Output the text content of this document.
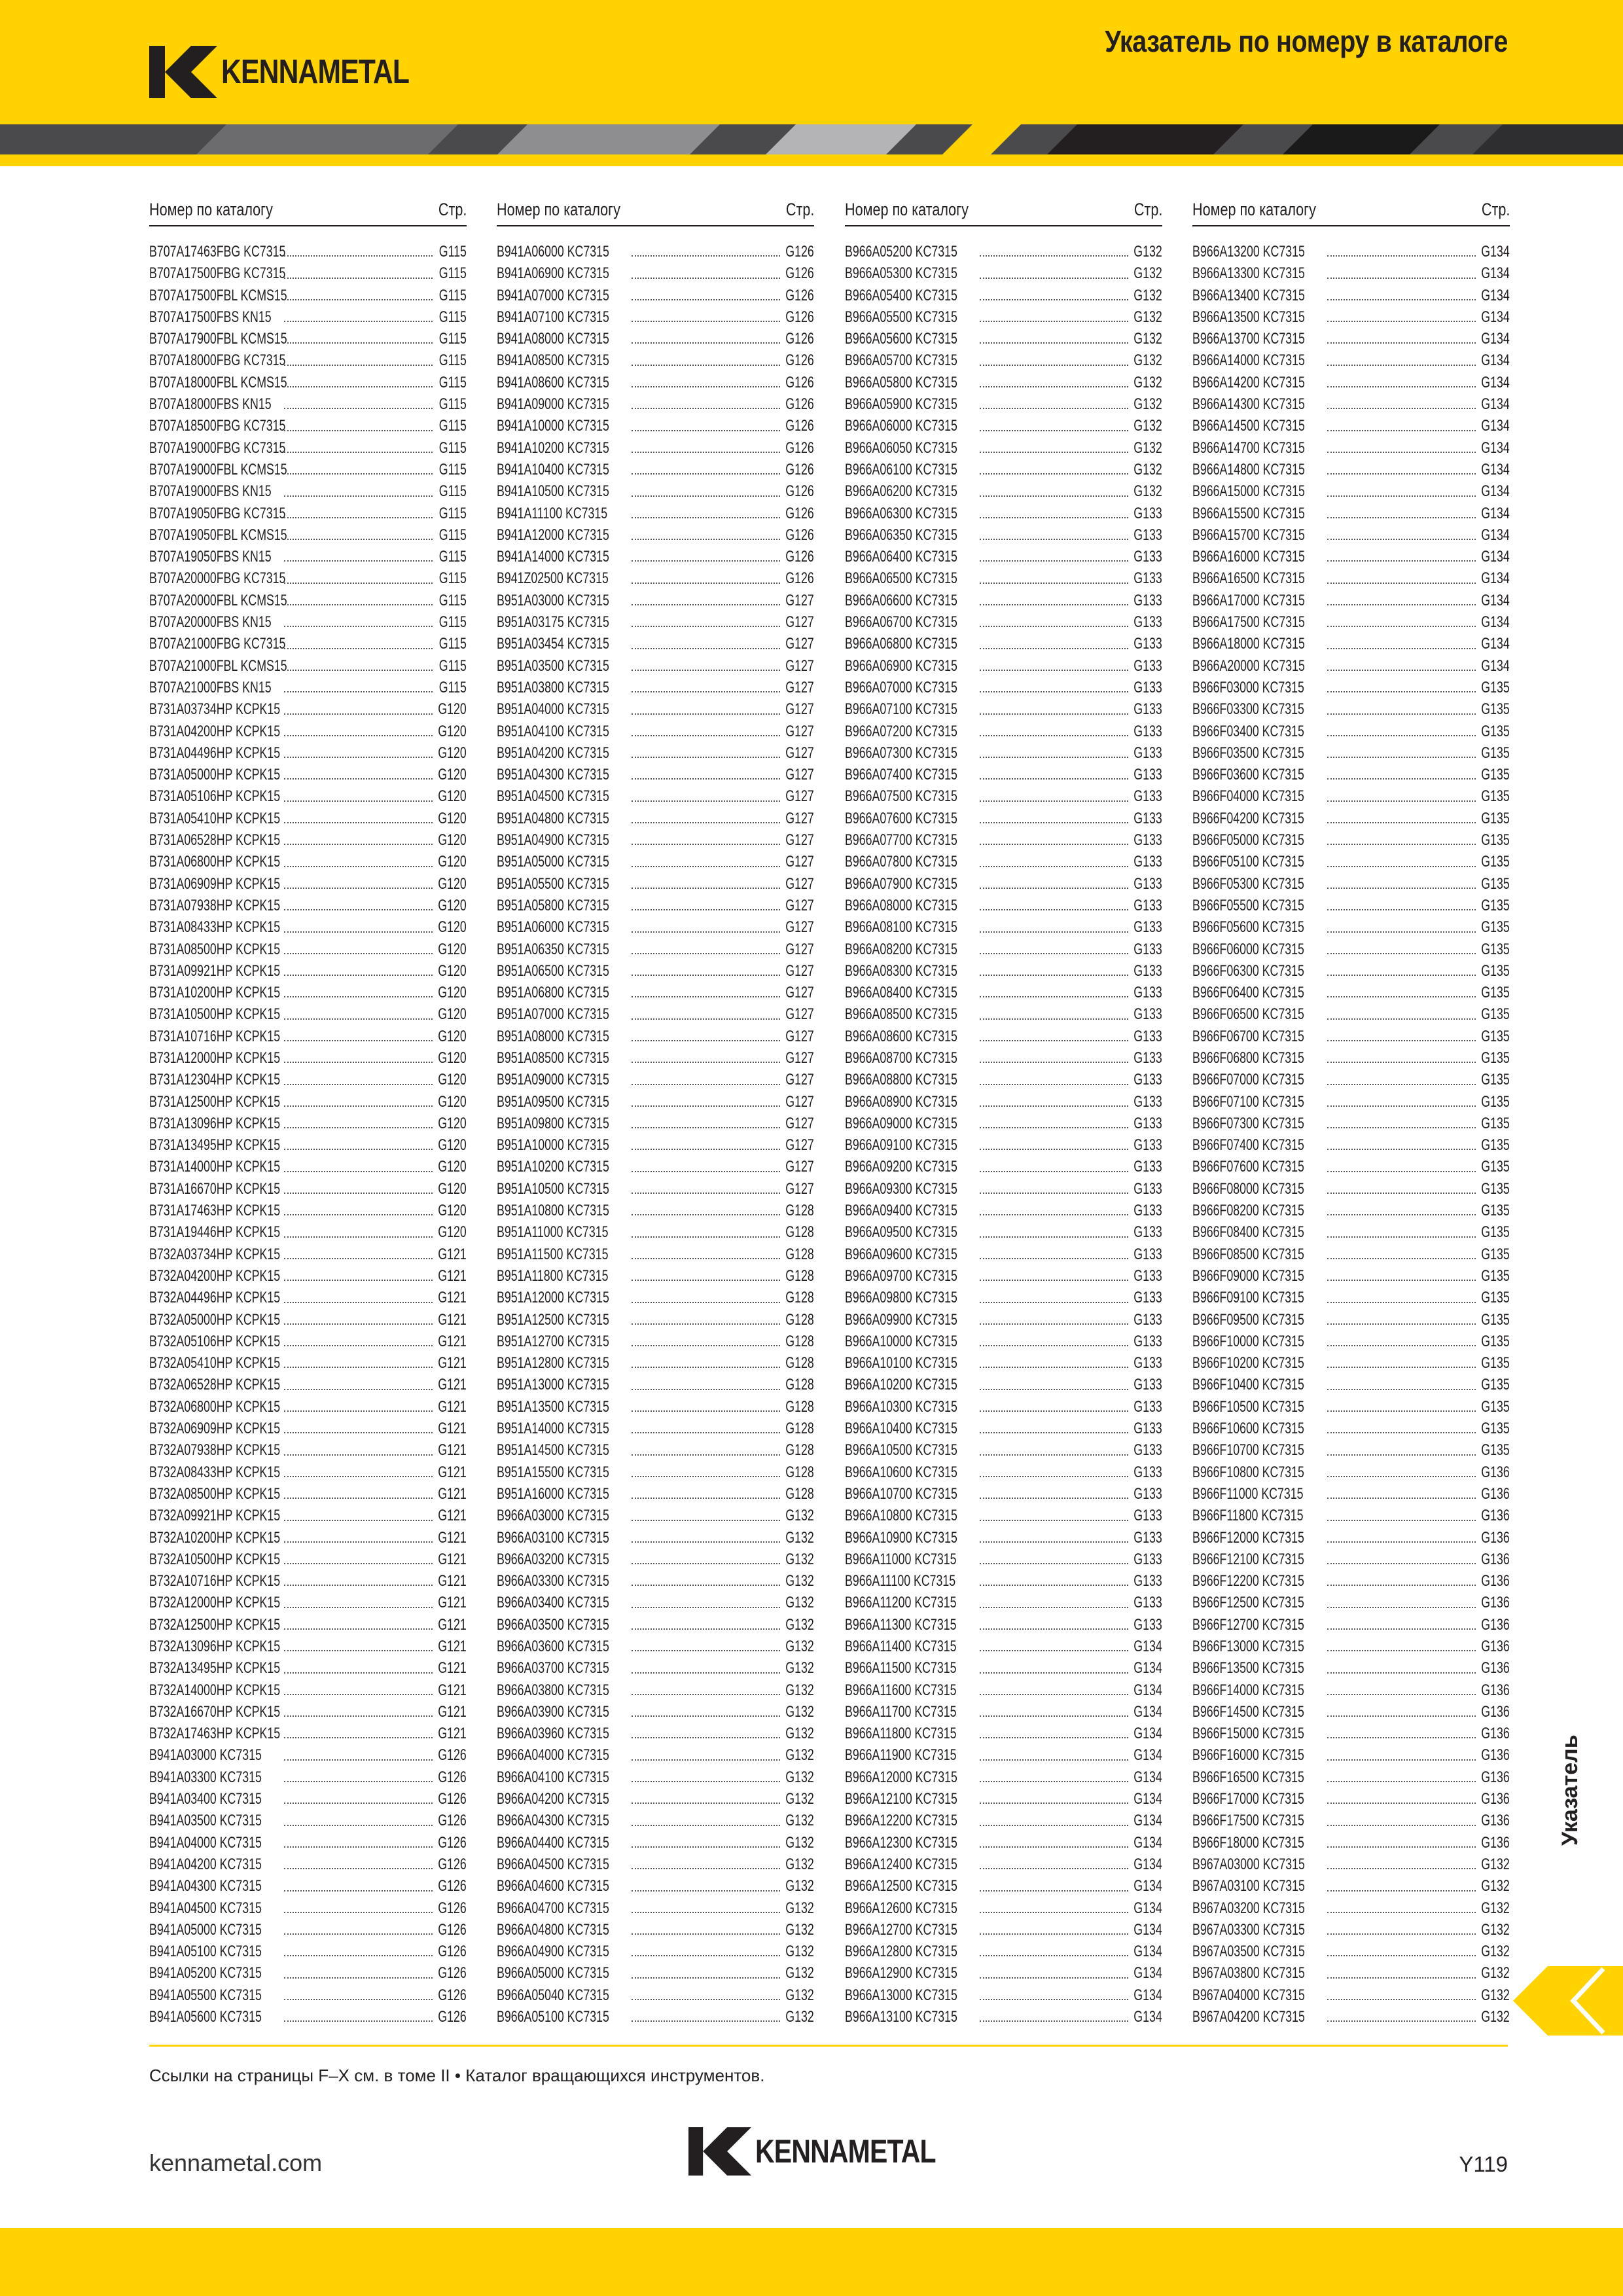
KENNAMETAL
Указатель по номеру в каталоге
Номер по каталогу	Стр.
B707A17463FBG KC7315	G115
B707A17500FBG KC7315	G115
B707A17500FBL KCMS15	G115
B707A17500FBS KN15	G115
B707A17900FBL KCMS15	G115
B707A18000FBG KC7315	G115
B707A18000FBL KCMS15	G115
B707A18000FBS KN15	G115
B707A18500FBG KC7315	G115
B707A19000FBG KC7315	G115
B707A19000FBL KCMS15	G115
B707A19000FBS KN15	G115
B707A19050FBG KC7315	G115
B707A19050FBL KCMS15	G115
B707A19050FBS KN15	G115
B707A20000FBG KC7315	G115
B707A20000FBL KCMS15	G115
B707A20000FBS KN15	G115
B707A21000FBG KC7315	G115
B707A21000FBL KCMS15	G115
B707A21000FBS KN15	G115
B731A03734HP KCPK15	G120
B731A04200HP KCPK15	G120
B731A04496HP KCPK15	G120
B731A05000HP KCPK15	G120
B731A05106HP KCPK15	G120
B731A05410HP KCPK15	G120
B731A06528HP KCPK15	G120
B731A06800HP KCPK15	G120
B731A06909HP KCPK15	G120
B731A07938HP KCPK15	G120
B731A08433HP KCPK15	G120
B731A08500HP KCPK15	G120
B731A09921HP KCPK15	G120
B731A10200HP KCPK15	G120
B731A10500HP KCPK15	G120
B731A10716HP KCPK15	G120
B731A12000HP KCPK15	G120
B731A12304HP KCPK15	G120
B731A12500HP KCPK15	G120
B731A13096HP KCPK15	G120
B731A13495HP KCPK15	G120
B731A14000HP KCPK15	G120
B731A16670HP KCPK15	G120
B731A17463HP KCPK15	G120
B731A19446HP KCPK15	G120
B732A03734HP KCPK15	G121
B732A04200HP KCPK15	G121
B732A04496HP KCPK15	G121
B732A05000HP KCPK15	G121
B732A05106HP KCPK15	G121
B732A05410HP KCPK15	G121
B732A06528HP KCPK15	G121
B732A06800HP KCPK15	G121
B732A06909HP KCPK15	G121
B732A07938HP KCPK15	G121
B732A08433HP KCPK15	G121
B732A08500HP KCPK15	G121
B732A09921HP KCPK15	G121
B732A10200HP KCPK15	G121
B732A10500HP KCPK15	G121
B732A10716HP KCPK15	G121
B732A12000HP KCPK15	G121
B732A12500HP KCPK15	G121
B732A13096HP KCPK15	G121
B732A13495HP KCPK15	G121
B732A14000HP KCPK15	G121
B732A16670HP KCPK15	G121
B732A17463HP KCPK15	G121
B941A03000 KC7315	G126
B941A03300 KC7315	G126
B941A03400 KC7315	G126
B941A03500 KC7315	G126
B941A04000 KC7315	G126
B941A04200 KC7315	G126
B941A04300 KC7315	G126
B941A04500 KC7315	G126
B941A05000 KC7315	G126
B941A05100 KC7315	G126
B941A05200 KC7315	G126
B941A05500 KC7315	G126
B941A05600 KC7315	G126
Номер по каталогу	Стр.
B941A06000 KC7315	G126
B941A06900 KC7315	G126
B941A07000 KC7315	G126
B941A07100 KC7315	G126
B941A08000 KC7315	G126
B941A08500 KC7315	G126
B941A08600 KC7315	G126
B941A09000 KC7315	G126
B941A10000 KC7315	G126
B941A10200 KC7315	G126
B941A10400 KC7315	G126
B941A10500 KC7315	G126
B941A11100 KC7315	G126
B941A12000 KC7315	G126
B941A14000 KC7315	G126
B941Z02500 KC7315	G126
B951A03000 KC7315	G127
B951A03175 KC7315	G127
B951A03454 KC7315	G127
B951A03500 KC7315	G127
B951A03800 KC7315	G127
B951A04000 KC7315	G127
B951A04100 KC7315	G127
B951A04200 KC7315	G127
B951A04300 KC7315	G127
B951A04500 KC7315	G127
B951A04800 KC7315	G127
B951A04900 KC7315	G127
B951A05000 KC7315	G127
B951A05500 KC7315	G127
B951A05800 KC7315	G127
B951A06000 KC7315	G127
B951A06350 KC7315	G127
B951A06500 KC7315	G127
B951A06800 KC7315	G127
B951A07000 KC7315	G127
B951A08000 KC7315	G127
B951A08500 KC7315	G127
B951A09000 KC7315	G127
B951A09500 KC7315	G127
B951A09800 KC7315	G127
B951A10000 KC7315	G127
B951A10200 KC7315	G127
B951A10500 KC7315	G127
B951A10800 KC7315	G128
B951A11000 KC7315	G128
B951A11500 KC7315	G128
B951A11800 KC7315	G128
B951A12000 KC7315	G128
B951A12500 KC7315	G128
B951A12700 KC7315	G128
B951A12800 KC7315	G128
B951A13000 KC7315	G128
B951A13500 KC7315	G128
B951A14000 KC7315	G128
B951A14500 KC7315	G128
B951A15500 KC7315	G128
B951A16000 KC7315	G128
B966A03000 KC7315	G132
B966A03100 KC7315	G132
B966A03200 KC7315	G132
B966A03300 KC7315	G132
B966A03400 KC7315	G132
B966A03500 KC7315	G132
B966A03600 KC7315	G132
B966A03700 KC7315	G132
B966A03800 KC7315	G132
B966A03900 KC7315	G132
B966A03960 KC7315	G132
B966A04000 KC7315	G132
B966A04100 KC7315	G132
B966A04200 KC7315	G132
B966A04300 KC7315	G132
B966A04400 KC7315	G132
B966A04500 KC7315	G132
B966A04600 KC7315	G132
B966A04700 KC7315	G132
B966A04800 KC7315	G132
B966A04900 KC7315	G132
B966A05000 KC7315	G132
B966A05040 KC7315	G132
B966A05100 KC7315	G132
Номер по каталогу	Стр.
B966A05200 KC7315	G132
B966A05300 KC7315	G132
B966A05400 KC7315	G132
B966A05500 KC7315	G132
B966A05600 KC7315	G132
B966A05700 KC7315	G132
B966A05800 KC7315	G132
B966A05900 KC7315	G132
B966A06000 KC7315	G132
B966A06050 KC7315	G132
B966A06100 KC7315	G132
B966A06200 KC7315	G132
B966A06300 KC7315	G133
B966A06350 KC7315	G133
B966A06400 KC7315	G133
B966A06500 KC7315	G133
B966A06600 KC7315	G133
B966A06700 KC7315	G133
B966A06800 KC7315	G133
B966A06900 KC7315	G133
B966A07000 KC7315	G133
B966A07100 KC7315	G133
B966A07200 KC7315	G133
B966A07300 KC7315	G133
B966A07400 KC7315	G133
B966A07500 KC7315	G133
B966A07600 KC7315	G133
B966A07700 KC7315	G133
B966A07800 KC7315	G133
B966A07900 KC7315	G133
B966A08000 KC7315	G133
B966A08100 KC7315	G133
B966A08200 KC7315	G133
B966A08300 KC7315	G133
B966A08400 KC7315	G133
B966A08500 KC7315	G133
B966A08600 KC7315	G133
B966A08700 KC7315	G133
B966A08800 KC7315	G133
B966A08900 KC7315	G133
B966A09000 KC7315	G133
B966A09100 KC7315	G133
B966A09200 KC7315	G133
B966A09300 KC7315	G133
B966A09400 KC7315	G133
B966A09500 KC7315	G133
B966A09600 KC7315	G133
B966A09700 KC7315	G133
B966A09800 KC7315	G133
B966A09900 KC7315	G133
B966A10000 KC7315	G133
B966A10100 KC7315	G133
B966A10200 KC7315	G133
B966A10300 KC7315	G133
B966A10400 KC7315	G133
B966A10500 KC7315	G133
B966A10600 KC7315	G133
B966A10700 KC7315	G133
B966A10800 KC7315	G133
B966A10900 KC7315	G133
B966A11000 KC7315	G133
B966A11100 KC7315	G133
B966A11200 KC7315	G133
B966A11300 KC7315	G133
B966A11400 KC7315	G134
B966A11500 KC7315	G134
B966A11600 KC7315	G134
B966A11700 KC7315	G134
B966A11800 KC7315	G134
B966A11900 KC7315	G134
B966A12000 KC7315	G134
B966A12100 KC7315	G134
B966A12200 KC7315	G134
B966A12300 KC7315	G134
B966A12400 KC7315	G134
B966A12500 KC7315	G134
B966A12600 KC7315	G134
B966A12700 KC7315	G134
B966A12800 KC7315	G134
B966A12900 KC7315	G134
B966A13000 KC7315	G134
B966A13100 KC7315	G134
Номер по каталогу	Стр.
B966A13200 KC7315	G134
B966A13300 KC7315	G134
B966A13400 KC7315	G134
B966A13500 KC7315	G134
B966A13700 KC7315	G134
B966A14000 KC7315	G134
B966A14200 KC7315	G134
B966A14300 KC7315	G134
B966A14500 KC7315	G134
B966A14700 KC7315	G134
B966A14800 KC7315	G134
B966A15000 KC7315	G134
B966A15500 KC7315	G134
B966A15700 KC7315	G134
B966A16000 KC7315	G134
B966A16500 KC7315	G134
B966A17000 KC7315	G134
B966A17500 KC7315	G134
B966A18000 KC7315	G134
B966A20000 KC7315	G134
B966F03000 KC7315	G135
B966F03300 KC7315	G135
B966F03400 KC7315	G135
B966F03500 KC7315	G135
B966F03600 KC7315	G135
B966F04000 KC7315	G135
B966F04200 KC7315	G135
B966F05000 KC7315	G135
B966F05100 KC7315	G135
B966F05300 KC7315	G135
B966F05500 KC7315	G135
B966F05600 KC7315	G135
B966F06000 KC7315	G135
B966F06300 KC7315	G135
B966F06400 KC7315	G135
B966F06500 KC7315	G135
B966F06700 KC7315	G135
B966F06800 KC7315	G135
B966F07000 KC7315	G135
B966F07100 KC7315	G135
B966F07300 KC7315	G135
B966F07400 KC7315	G135
B966F07600 KC7315	G135
B966F08000 KC7315	G135
B966F08200 KC7315	G135
B966F08400 KC7315	G135
B966F08500 KC7315	G135
B966F09000 KC7315	G135
B966F09100 KC7315	G135
B966F09500 KC7315	G135
B966F10000 KC7315	G135
B966F10200 KC7315	G135
B966F10400 KC7315	G135
B966F10500 KC7315	G135
B966F10600 KC7315	G135
B966F10700 KC7315	G135
B966F10800 KC7315	G136
B966F11000 KC7315	G136
B966F11800 KC7315	G136
B966F12000 KC7315	G136
B966F12100 KC7315	G136
B966F12200 KC7315	G136
B966F12500 KC7315	G136
B966F12700 KC7315	G136
B966F13000 KC7315	G136
B966F13500 KC7315	G136
B966F14000 KC7315	G136
B966F14500 KC7315	G136
B966F15000 KC7315	G136
B966F16000 KC7315	G136
B966F16500 KC7315	G136
B966F17000 KC7315	G136
B966F17500 KC7315	G136
B966F18000 KC7315	G136
B967A03000 KC7315	G132
B967A03100 KC7315	G132
B967A03200 KC7315	G132
B967A03300 KC7315	G132
B967A03500 KC7315	G132
B967A03800 KC7315	G132
B967A04000 KC7315	G132
B967A04200 KC7315	G132
Ссылки на страницы F–X см. в томе II • Каталог вращающихся инструментов.
Указатель
kennametal.com	KENNAMETAL	Y119
